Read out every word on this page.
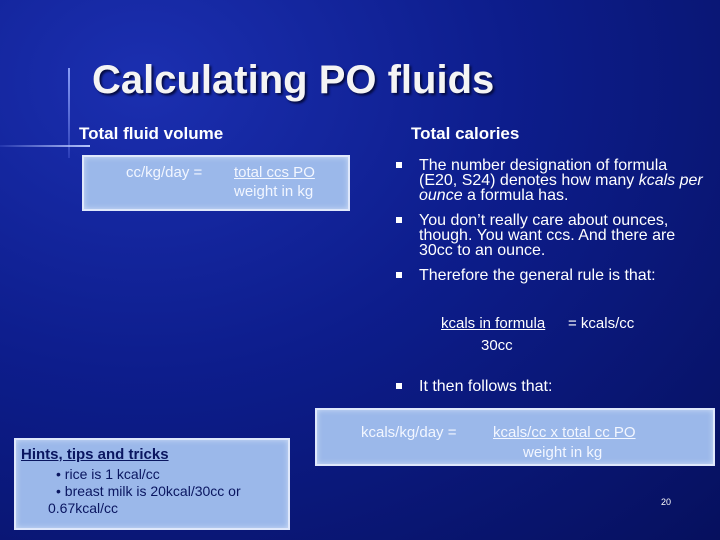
Calculating PO fluids
Total fluid volume	Total calories
cc/kg/day = total ccs PO
weight in kg
The number designation of formula (E20, S24) denotes how many kcals per ounce a formula has.
You don’t really care about ounces, though. You want ccs. And there are 30cc to an ounce.
Therefore the general rule is that:
kcals in formula = kcals/cc
30cc
It then follows that:
kcals/kg/day = kcals/cc x total cc PO
weight in kg
Hints, tips and tricks
• rice is 1 kcal/cc
• breast milk is 20kcal/30cc or
0.67kcal/cc	20
